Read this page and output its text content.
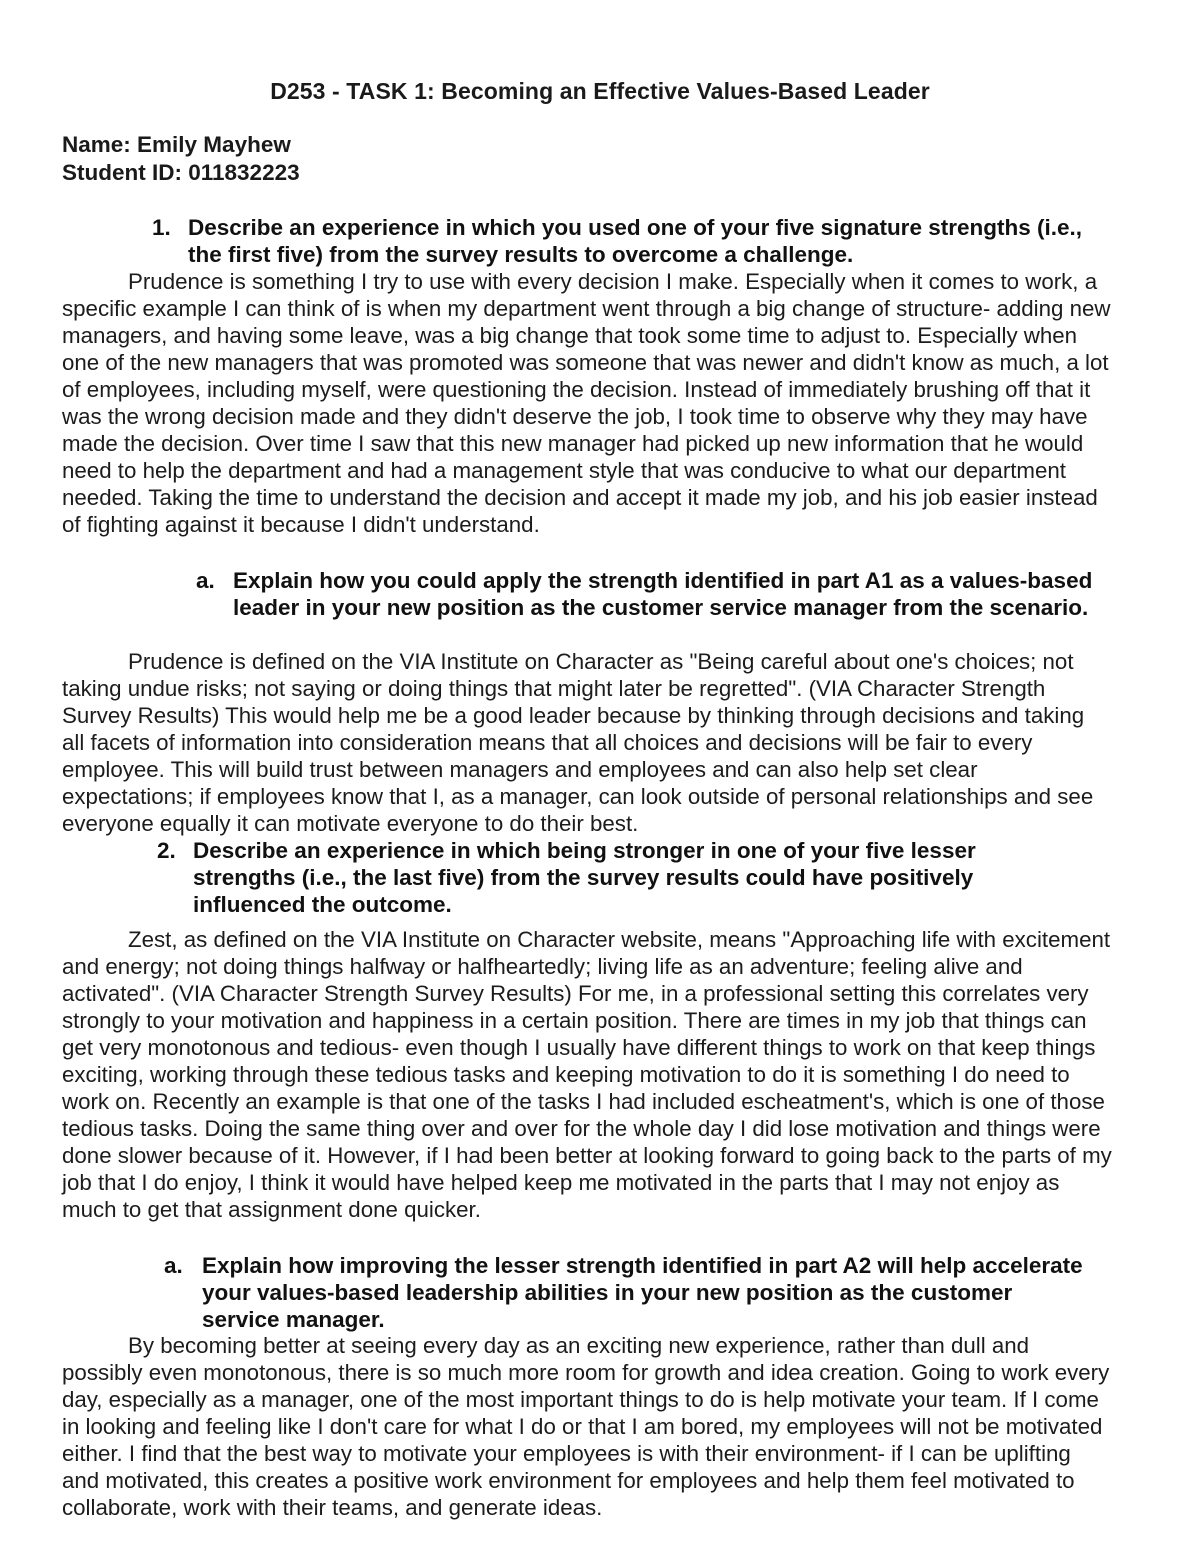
D253 - TASK 1: Becoming an Effective Values-Based Leader
Name: Emily Mayhew
Student ID: 011832223
1. Describe an experience in which you used one of your five signature strengths (i.e., the first five) from the survey results to overcome a challenge.

Prudence is something I try to use with every decision I make. Especially when it comes to work, a specific example I can think of is when my department went through a big change of structure- adding new managers, and having some leave, was a big change that took some time to adjust to. Especially when one of the new managers that was promoted was someone that was newer and didn't know as much, a lot of employees, including myself, were questioning the decision. Instead of immediately brushing off that it was the wrong decision made and they didn't deserve the job, I took time to observe why they may have made the decision. Over time I saw that this new manager had picked up new information that he would need to help the department and had a management style that was conducive to what our department needed. Taking the time to understand the decision and accept it made my job, and his job easier instead of fighting against it because I didn't understand.

a. Explain how you could apply the strength identified in part A1 as a values-based leader in your new position as the customer service manager from the scenario.

Prudence is defined on the VIA Institute on Character as "Being careful about one's choices; not taking undue risks; not saying or doing things that might later be regretted". (VIA Character Strength Survey Results) This would help me be a good leader because by thinking through decisions and taking all facets of information into consideration means that all choices and decisions will be fair to every employee. This will build trust between managers and employees and can also help set clear expectations; if employees know that I, as a manager, can look outside of personal relationships and see everyone equally it can motivate everyone to do their best.

2. Describe an experience in which being stronger in one of your five lesser strengths (i.e., the last five) from the survey results could have positively influenced the outcome.

Zest, as defined on the VIA Institute on Character website, means "Approaching life with excitement and energy; not doing things halfway or halfheartedly; living life as an adventure; feeling alive and activated". (VIA Character Strength Survey Results) For me, in a professional setting this correlates very strongly to your motivation and happiness in a certain position. There are times in my job that things can get very monotonous and tedious- even though I usually have different things to work on that keep things exciting, working through these tedious tasks and keeping motivation to do it is something I do need to work on. Recently an example is that one of the tasks I had included escheatment's, which is one of those tedious tasks. Doing the same thing over and over for the whole day I did lose motivation and things were done slower because of it. However, if I had been better at looking forward to going back to the parts of my job that I do enjoy, I think it would have helped keep me motivated in the parts that I may not enjoy as much to get that assignment done quicker.

a. Explain how improving the lesser strength identified in part A2 will help accelerate your values-based leadership abilities in your new position as the customer service manager.

By becoming better at seeing every day as an exciting new experience, rather than dull and possibly even monotonous, there is so much more room for growth and idea creation. Going to work every day, especially as a manager, one of the most important things to do is help motivate your team. If I come in looking and feeling like I don't care for what I do or that I am bored, my employees will not be motivated either. I find that the best way to motivate your employees is with their environment- if I can be uplifting and motivated, this creates a positive work environment for employees and help them feel motivated to collaborate, work with their teams, and generate ideas.
